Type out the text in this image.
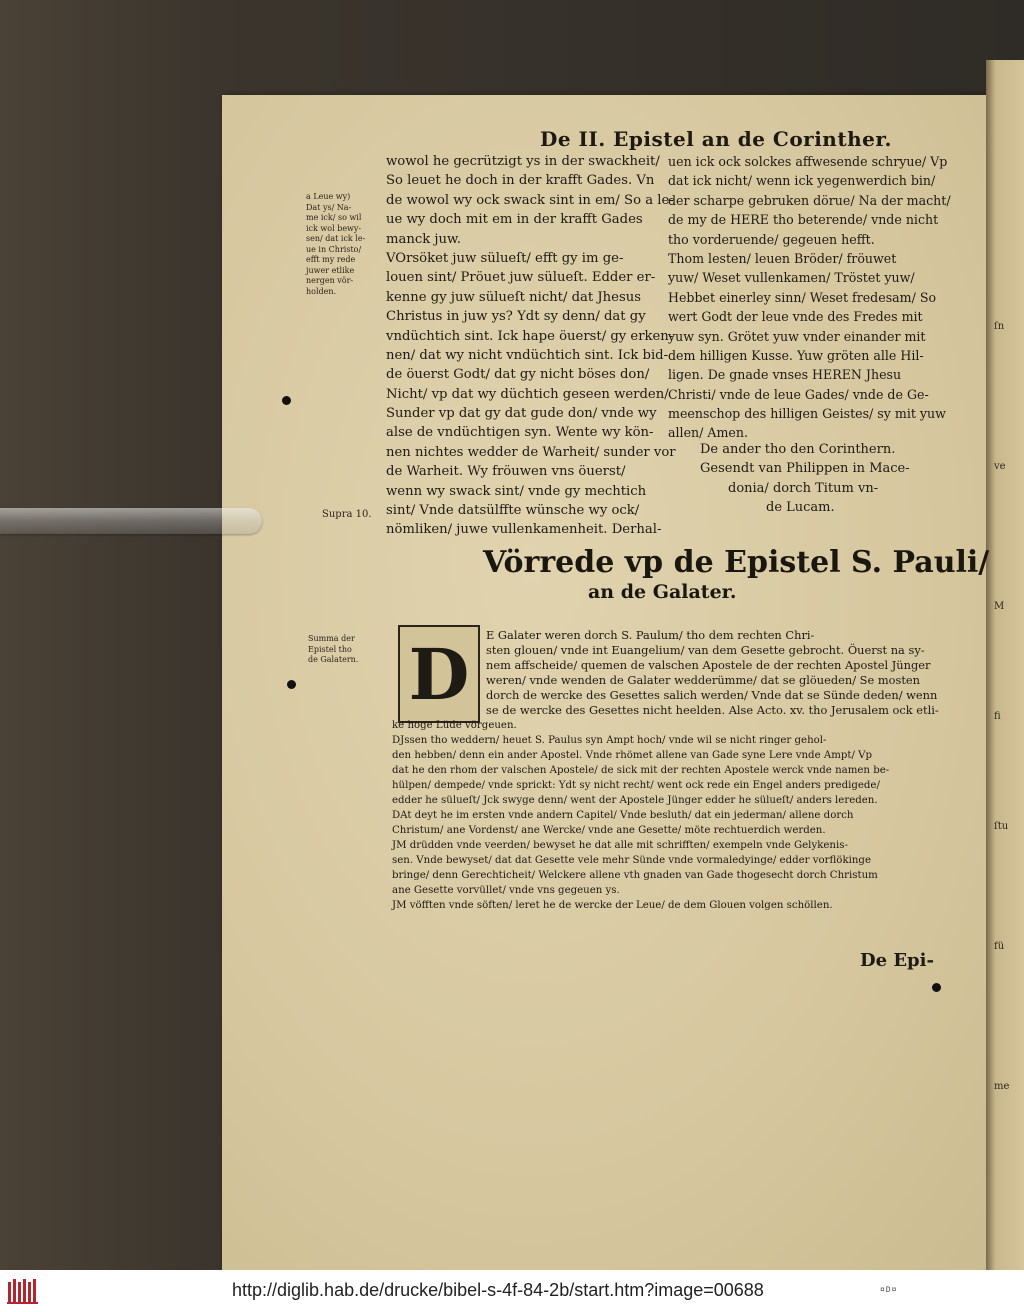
ſn
ve
M
fi
ſtu
fü
me
De II. Epistel an de Corinther.
a Leue wy)
Dat ys/ Na-
me ick/ so wil
ick wol bewy-
sen/ dat ick le-
ue in Christo/
efft my rede
juwer etlike
nergen vör-
holden.
Supra 10.
Summa der
Epistel tho
de Galatern.
wowol he gecrützigt ys in der swackheit/
So leuet he doch in der krafft Gades. Vn
de wowol wy ock swack sint in em/ So a le-
ue wy doch mit em in der krafft Gades
manck juw.
VOrsöket juw sülueſt/ efft gy im ge-
louen sint/ Pröuet juw sülueſt. Edder er-
kenne gy juw sülueſt nicht/ dat Jhesus
Christus in juw ys? Ydt sy denn/ dat gy
vndüchtich sint. Ick hape öuerst/ gy erken-
nen/ dat wy nicht vndüchtich sint. Ick bid-
de öuerst Godt/ dat gy nicht böses don/
Nicht/ vp dat wy düchtich geseen werden/
Sunder vp dat gy dat gude don/ vnde wy
alse de vndüchtigen syn. Wente wy kön-
nen nichtes wedder de Warheit/ sunder vor
de Warheit. Wy fröuwen vns öuerst/
wenn wy swack sint/ vnde gy mechtich
sint/ Vnde datsülffte wünsche wy ock/
nömliken/ juwe vullenkamenheit. Derhal-
uen ick ock solckes affwesende schryue/ Vp
dat ick nicht/ wenn ick yegenwerdich bin/
der scharpe gebruken dörue/ Na der macht/
de my de HERE tho beterende/ vnde nicht
tho vorderuende/ gegeuen hefft.
Thom lesten/ leuen Bröder/ fröuwet
yuw/ Weset vullenkamen/ Tröstet yuw/
Hebbet einerley sinn/ Weset fredesam/ So
wert Godt der leue vnde des Fredes mit
yuw syn. Grötet yuw vnder einander mit
dem hilligen Kusse. Yuw gröten alle Hil-
ligen. De gnade vnses HEREN Jhesu
Christi/ vnde de leue Gades/ vnde de Ge-
meenschop des hilligen Geistes/ sy mit yuw
allen/ Amen.
De ander tho den Corinthern.
Gesendt van Philippen in Mace-
donia/ dorch Titum vn-
de Lucam.
Vörrede vp de Epistel S. Pauli/
an de Galater.
D	E Galater weren dorch S. Paulum/ tho dem rechten Chri-
sten glouen/ vnde int Euangelium/ van dem Gesette gebrocht. Öuerst na sy-
nem affscheide/ quemen de valschen Apostele de der rechten Apostel Jünger
weren/ vnde wenden de Galater wedderümme/ dat se glöueden/ Se mosten
dorch de wercke des Gesettes salich werden/ Vnde dat se Sünde deden/ wenn
se de wercke des Gesettes nicht heelden. Alse Acto. xv. tho Jerusalem ock etli-
ke hoge Lüde vörgeuen.
DJssen tho weddern/ heuet S. Paulus syn Ampt hoch/ vnde wil se nicht ringer gehol-
den hebben/ denn ein ander Apostel. Vnde rhömet allene van Gade syne Lere vnde Ampt/ Vp
dat he den rhom der valschen Apostele/ de sick mit der rechten Apostele werck vnde namen be-
hülpen/ dempede/ vnde sprickt: Ydt sy nicht recht/ went ock rede ein Engel anders predigede/
edder he sülueſt/ Jck swyge denn/ went der Apostele Jünger edder he sülueſt/ anders lereden.
DAt deyt he im ersten vnde andern Capitel/ Vnde besluth/ dat ein jederman/ allene dorch
Christum/ ane Vordenst/ ane Wercke/ vnde ane Gesette/ möte rechtuerdich werden.
JM drüdden vnde veerden/ bewyset he dat alle mit schrifften/ exempeln vnde Gelykenis-
sen. Vnde bewyset/ dat dat Gesette vele mehr Sünde vnde vormaledyinge/ edder vorflökinge
bringe/ denn Gerechticheit/ Welckere allene vth gnaden van Gade thogesecht dorch Christum
ane Gesette vorvüllet/ vnde vns gegeuen ys.
JM vöfften vnde söften/ leret he de wercke der Leue/ de dem Glouen volgen schöllen.
De Epi-
http://diglib.hab.de/drucke/bibel-s-4f-84-2b/start.htm?image=00688	¤D¤
